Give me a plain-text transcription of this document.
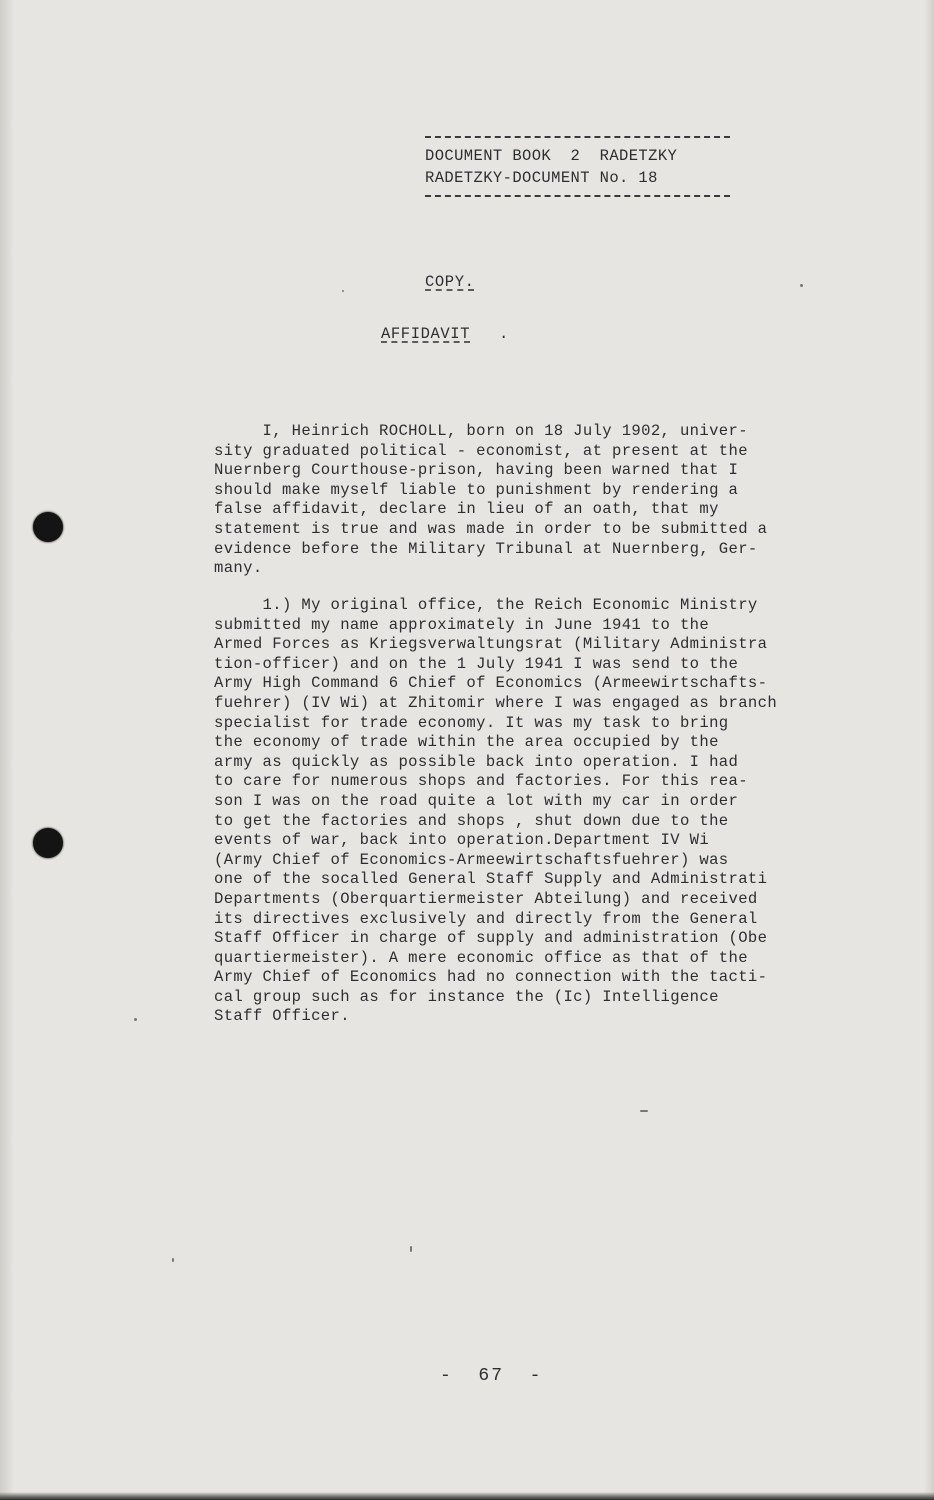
DOCUMENT BOOK  2  RADETZKY
RADETZKY-DOCUMENT No. 18
COPY.
AFFIDAVIT .
I, Heinrich ROCHOLL, born on 18 July 1902, univer-
sity graduated political - economist, at present at the
Nuernberg Courthouse-prison, having been warned that I
should make myself liable to punishment by rendering a
false affidavit, declare in lieu of an oath, that my
statement is true and was made in order to be submitted a
evidence before the Military Tribunal at Nuernberg, Ger-
many.
1.) My original office, the Reich Economic Ministry
submitted my name approximately in June 1941 to the
Armed Forces as Kriegsverwaltungsrat (Military Administra
tion-officer) and on the 1 July 1941 I was send to the
Army High Command 6 Chief of Economics (Armeewirtschafts-
fuehrer) (IV Wi) at Zhitomir where I was engaged as branch
specialist for trade economy. It was my task to bring
the economy of trade within the area occupied by the
army as quickly as possible back into operation. I had
to care for numerous shops and factories. For this rea-
son I was on the road quite a lot with my car in order
to get the factories and shops , shut down due to the
events of war, back into operation.Department IV Wi
(Army Chief of Economics-Armeewirtschaftsfuehrer) was
one of the socalled General Staff Supply and Administrati
Departments (Oberquartiermeister Abteilung) and received
its directives exclusively and directly from the General
Staff Officer in charge of supply and administration (Obe
quartiermeister). A mere economic office as that of the
Army Chief of Economics had no connection with the tacti-
cal group such as for instance the (Ic) Intelligence
Staff Officer.
-  67  -
